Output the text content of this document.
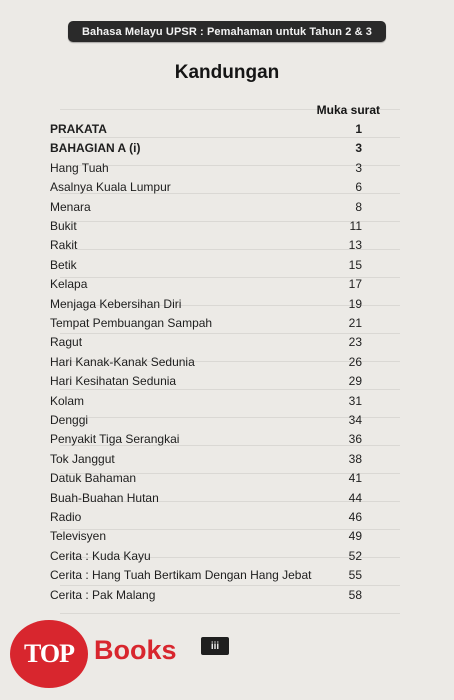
Bahasa Melayu UPSR : Pemahaman untuk Tahun 2 & 3
Kandungan
Muka surat
PRAKATA	1
BAHAGIAN A (i)	3
Hang Tuah	3
Asalnya Kuala Lumpur	6
Menara	8
Bukit	11
Rakit	13
Betik	15
Kelapa	17
Menjaga Kebersihan Diri	19
Tempat Pembuangan Sampah	21
Ragut	23
Hari Kanak-Kanak Sedunia	26
Hari Kesihatan Sedunia	29
Kolam	31
Denggi	34
Penyakit Tiga Serangkai	36
Tok Janggut	38
Datuk Bahaman	41
Buah-Buahan Hutan	44
Radio	46
Televisyen	49
Cerita : Kuda Kayu	52
Cerita : Hang Tuah Bertikam Dengan Hang Jebat	55
Cerita : Pak Malang	58
iii
TOP Books
